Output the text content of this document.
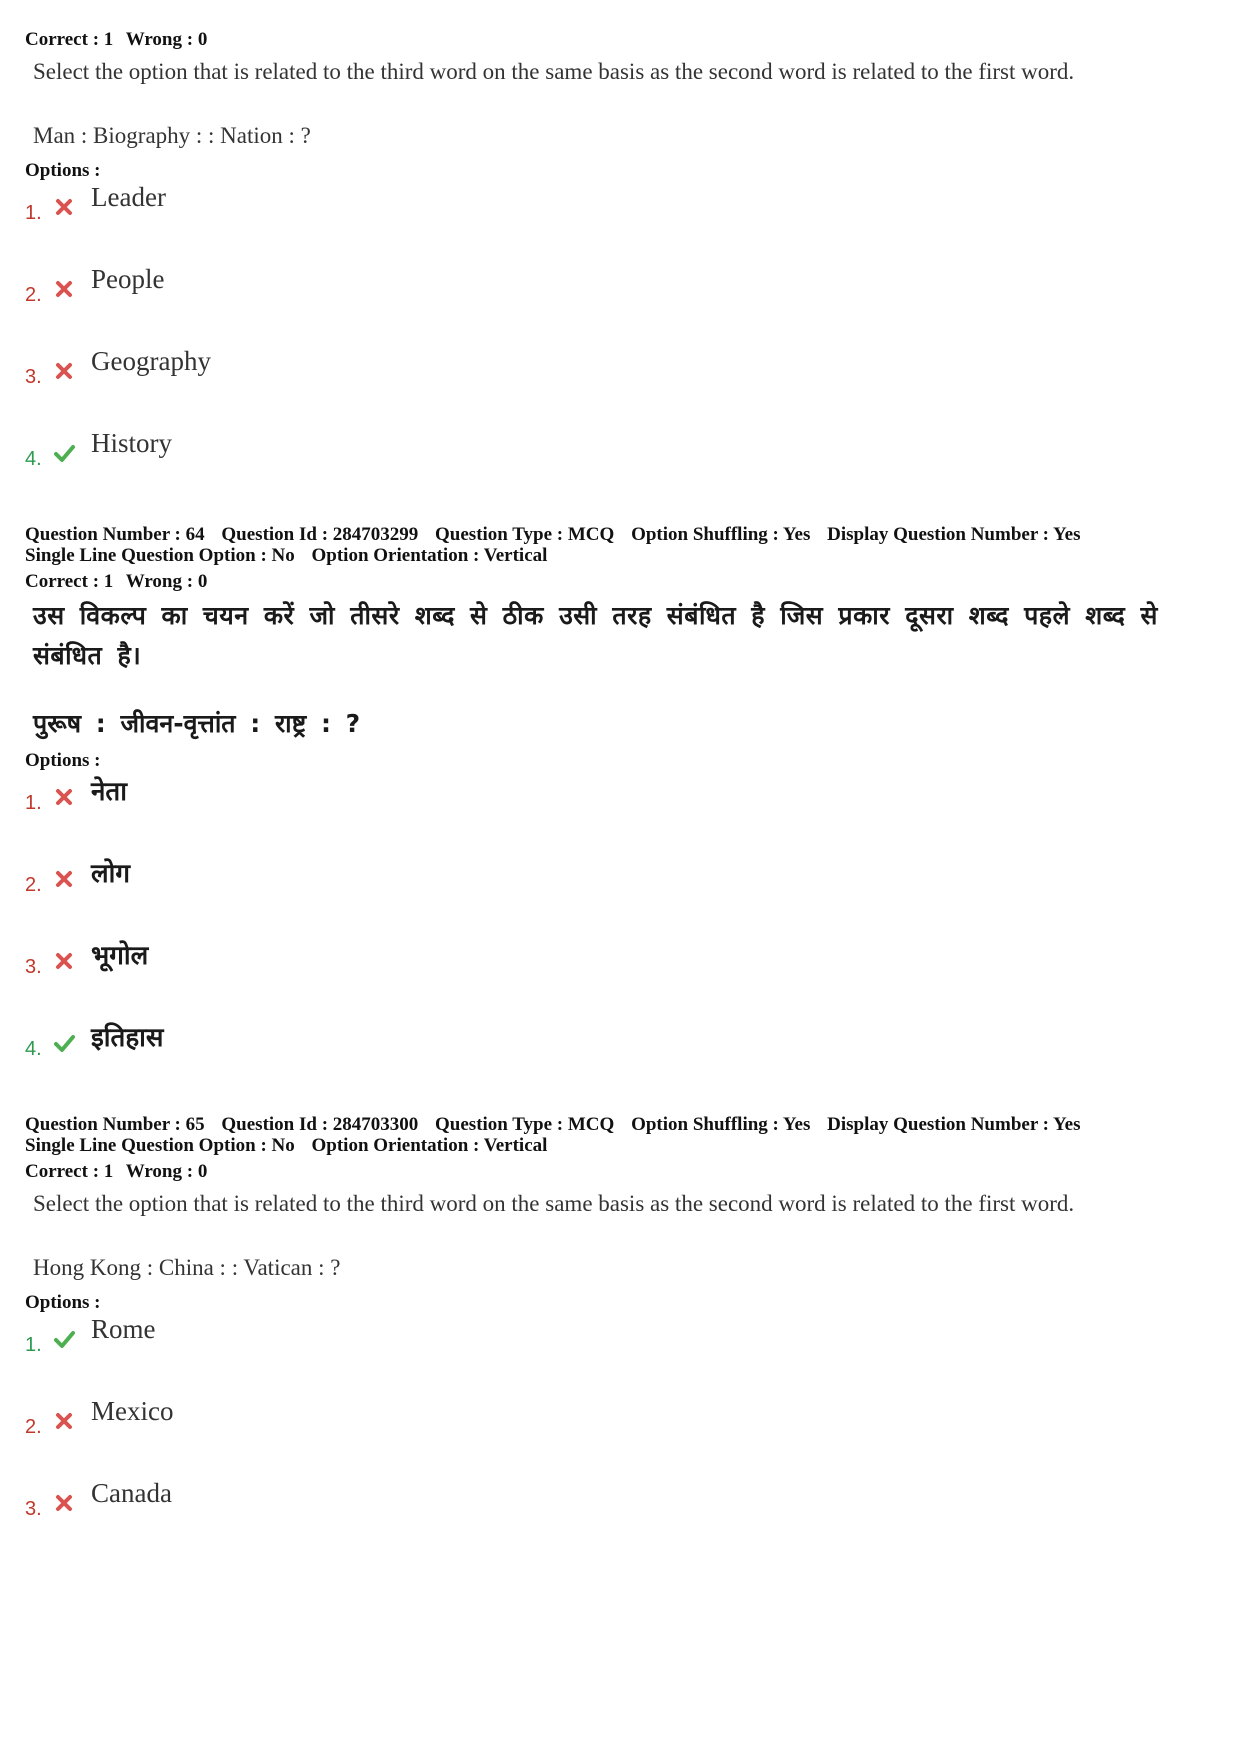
Correct : 1 Wrong : 0
Select the option that is related to the third word on the same basis as the second word is related to the first word.
Man : Biography : : Nation : ?
Options :
1.
Leader
2.
People
3.
Geography
4.
History
Question Number : 64 Question Id : 284703299 Question Type : MCQ Option Shuffling : Yes Display Question Number : Yes
Single Line Question Option : No Option Orientation : Vertical
Correct : 1 Wrong : 0
उस विकल्प का चयन करें जो तीसरे शब्द से ठीक उसी तरह संबंधित है जिस प्रकार दूसरा शब्द पहले शब्द से संबंधित है।
पुरूष : जीवन-वृत्तांत : राष्ट्र : ?
Options :
1. नेता
2. लोग
3. भूगोल
4. इतिहास
Question Number : 65 Question Id : 284703300 Question Type : MCQ Option Shuffling : Yes Display Question Number : Yes
Single Line Question Option : No Option Orientation : Vertical
Correct : 1 Wrong : 0
Select the option that is related to the third word on the same basis as the second word is related to the first word.
Hong Kong : China : : Vatican : ?
Options :
1.
Rome
2.
Mexico
3.
Canada
